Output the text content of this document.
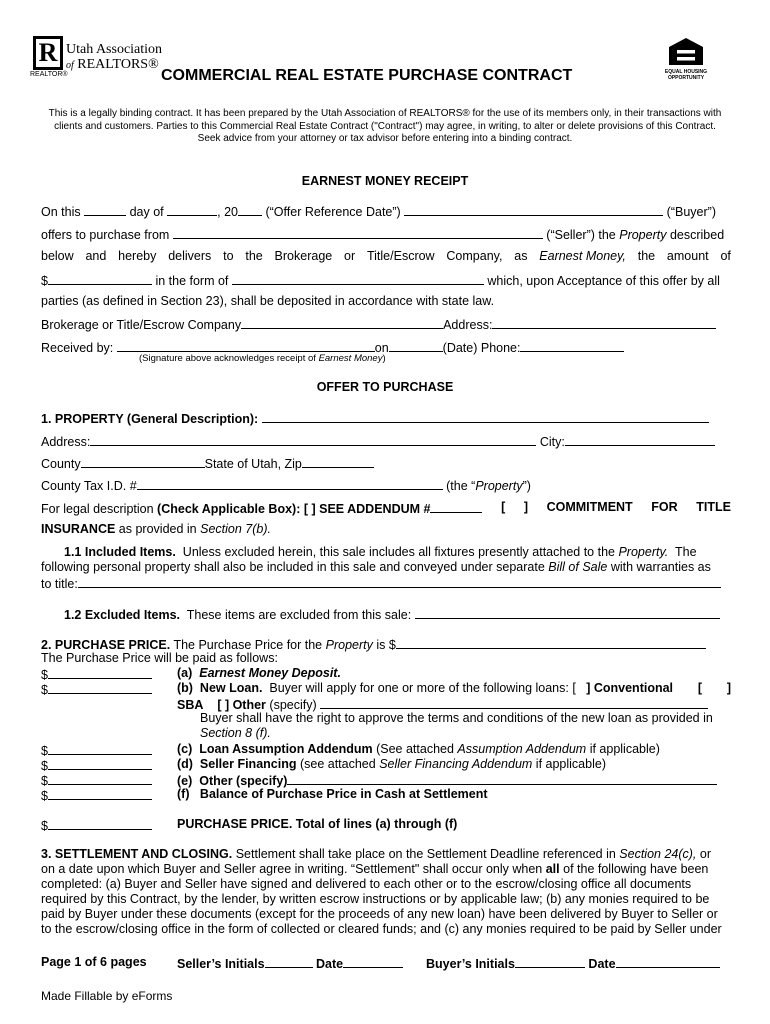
R
REALTOR®
Utah Association
of REALTORS®	EQUAL HOUSING
OPPORTUNITY
COMMERCIAL REAL ESTATE PURCHASE CONTRACT
This is a legally binding contract. It has been prepared by the Utah Association of REALTORS® for the use of its members only, in their transactions with
clients and customers. Parties to this Commercial Real Estate Contract ("Contract") may agree, in writing, to alter or delete provisions of this Contract.
Seek advice from your attorney or tax advisor before entering into a binding contract.
EARNEST MONEY RECEIPT
On this	day of	, 20 (“Offer Reference Date”)	(“Buyer”)
offers to purchase from	(“Seller”) the Property described
below and hereby delivers to the Brokerage or Title/Escrow Company, as Earnest Money, the amount of
$	in the form of	which, upon Acceptance of this offer by all
parties (as defined in Section 23), shall be deposited in accordance with state law.
Brokerage or Title/Escrow Company	Address:
Received by:	on	(Date) Phone:
(Signature above acknowledges receipt of Earnest Money)
OFFER TO PURCHASE
1. PROPERTY (General Description):
Address:	City:
County	State of Utah, Zip
County Tax I.D. #	(the “Property”)
For legal description (Check Applicable Box): [ ] SEE ADDENDUM #	[ ] COMMITMENT FOR TITLE
INSURANCE as provided in Section 7(b).
1.1 Included Items. Unless excluded herein, this sale includes all fixtures presently attached to the Property. The
following personal property shall also be included in this sale and conveyed under separate Bill of Sale with warranties as
to title:
1.2 Excluded Items. These items are excluded from this sale:
2. PURCHASE PRICE. The Purchase Price for the Property is $
The Purchase Price will be paid as follows:
$	(a) Earnest Money Deposit.
$	(b) New Loan. Buyer will apply for one or more of the following loans: [ ] Conventional [ ]
SBA [ ] Other (specify)
Buyer shall have the right to approve the terms and conditions of the new loan as provided in
Section 8 (f).
$	(c) Loan Assumption Addendum (See attached Assumption Addendum if applicable)
$	(d) Seller Financing (see attached Seller Financing Addendum if applicable)
$	(e) Other (specify)
$	(f) Balance of Purchase Price in Cash at Settlement
$	PURCHASE PRICE. Total of lines (a) through (f)
3. SETTLEMENT AND CLOSING. Settlement shall take place on the Settlement Deadline referenced in Section 24(c), or
on a date upon which Buyer and Seller agree in writing. “Settlement" shall occur only when all of the following have been
completed: (a) Buyer and Seller have signed and delivered to each other or to the escrow/closing office all documents
required by this Contract, by the lender, by written escrow instructions or by applicable law; (b) any monies required to be
paid by Buyer under these documents (except for the proceeds of any new loan) have been delivered by Buyer to Seller or
to the escrow/closing office in the form of collected or cleared funds; and (c) any monies required to be paid by Seller under
Page 1 of 6 pages Seller’s Initials	Date	Buyer’s Initials	Date
Made Fillable by eForms
